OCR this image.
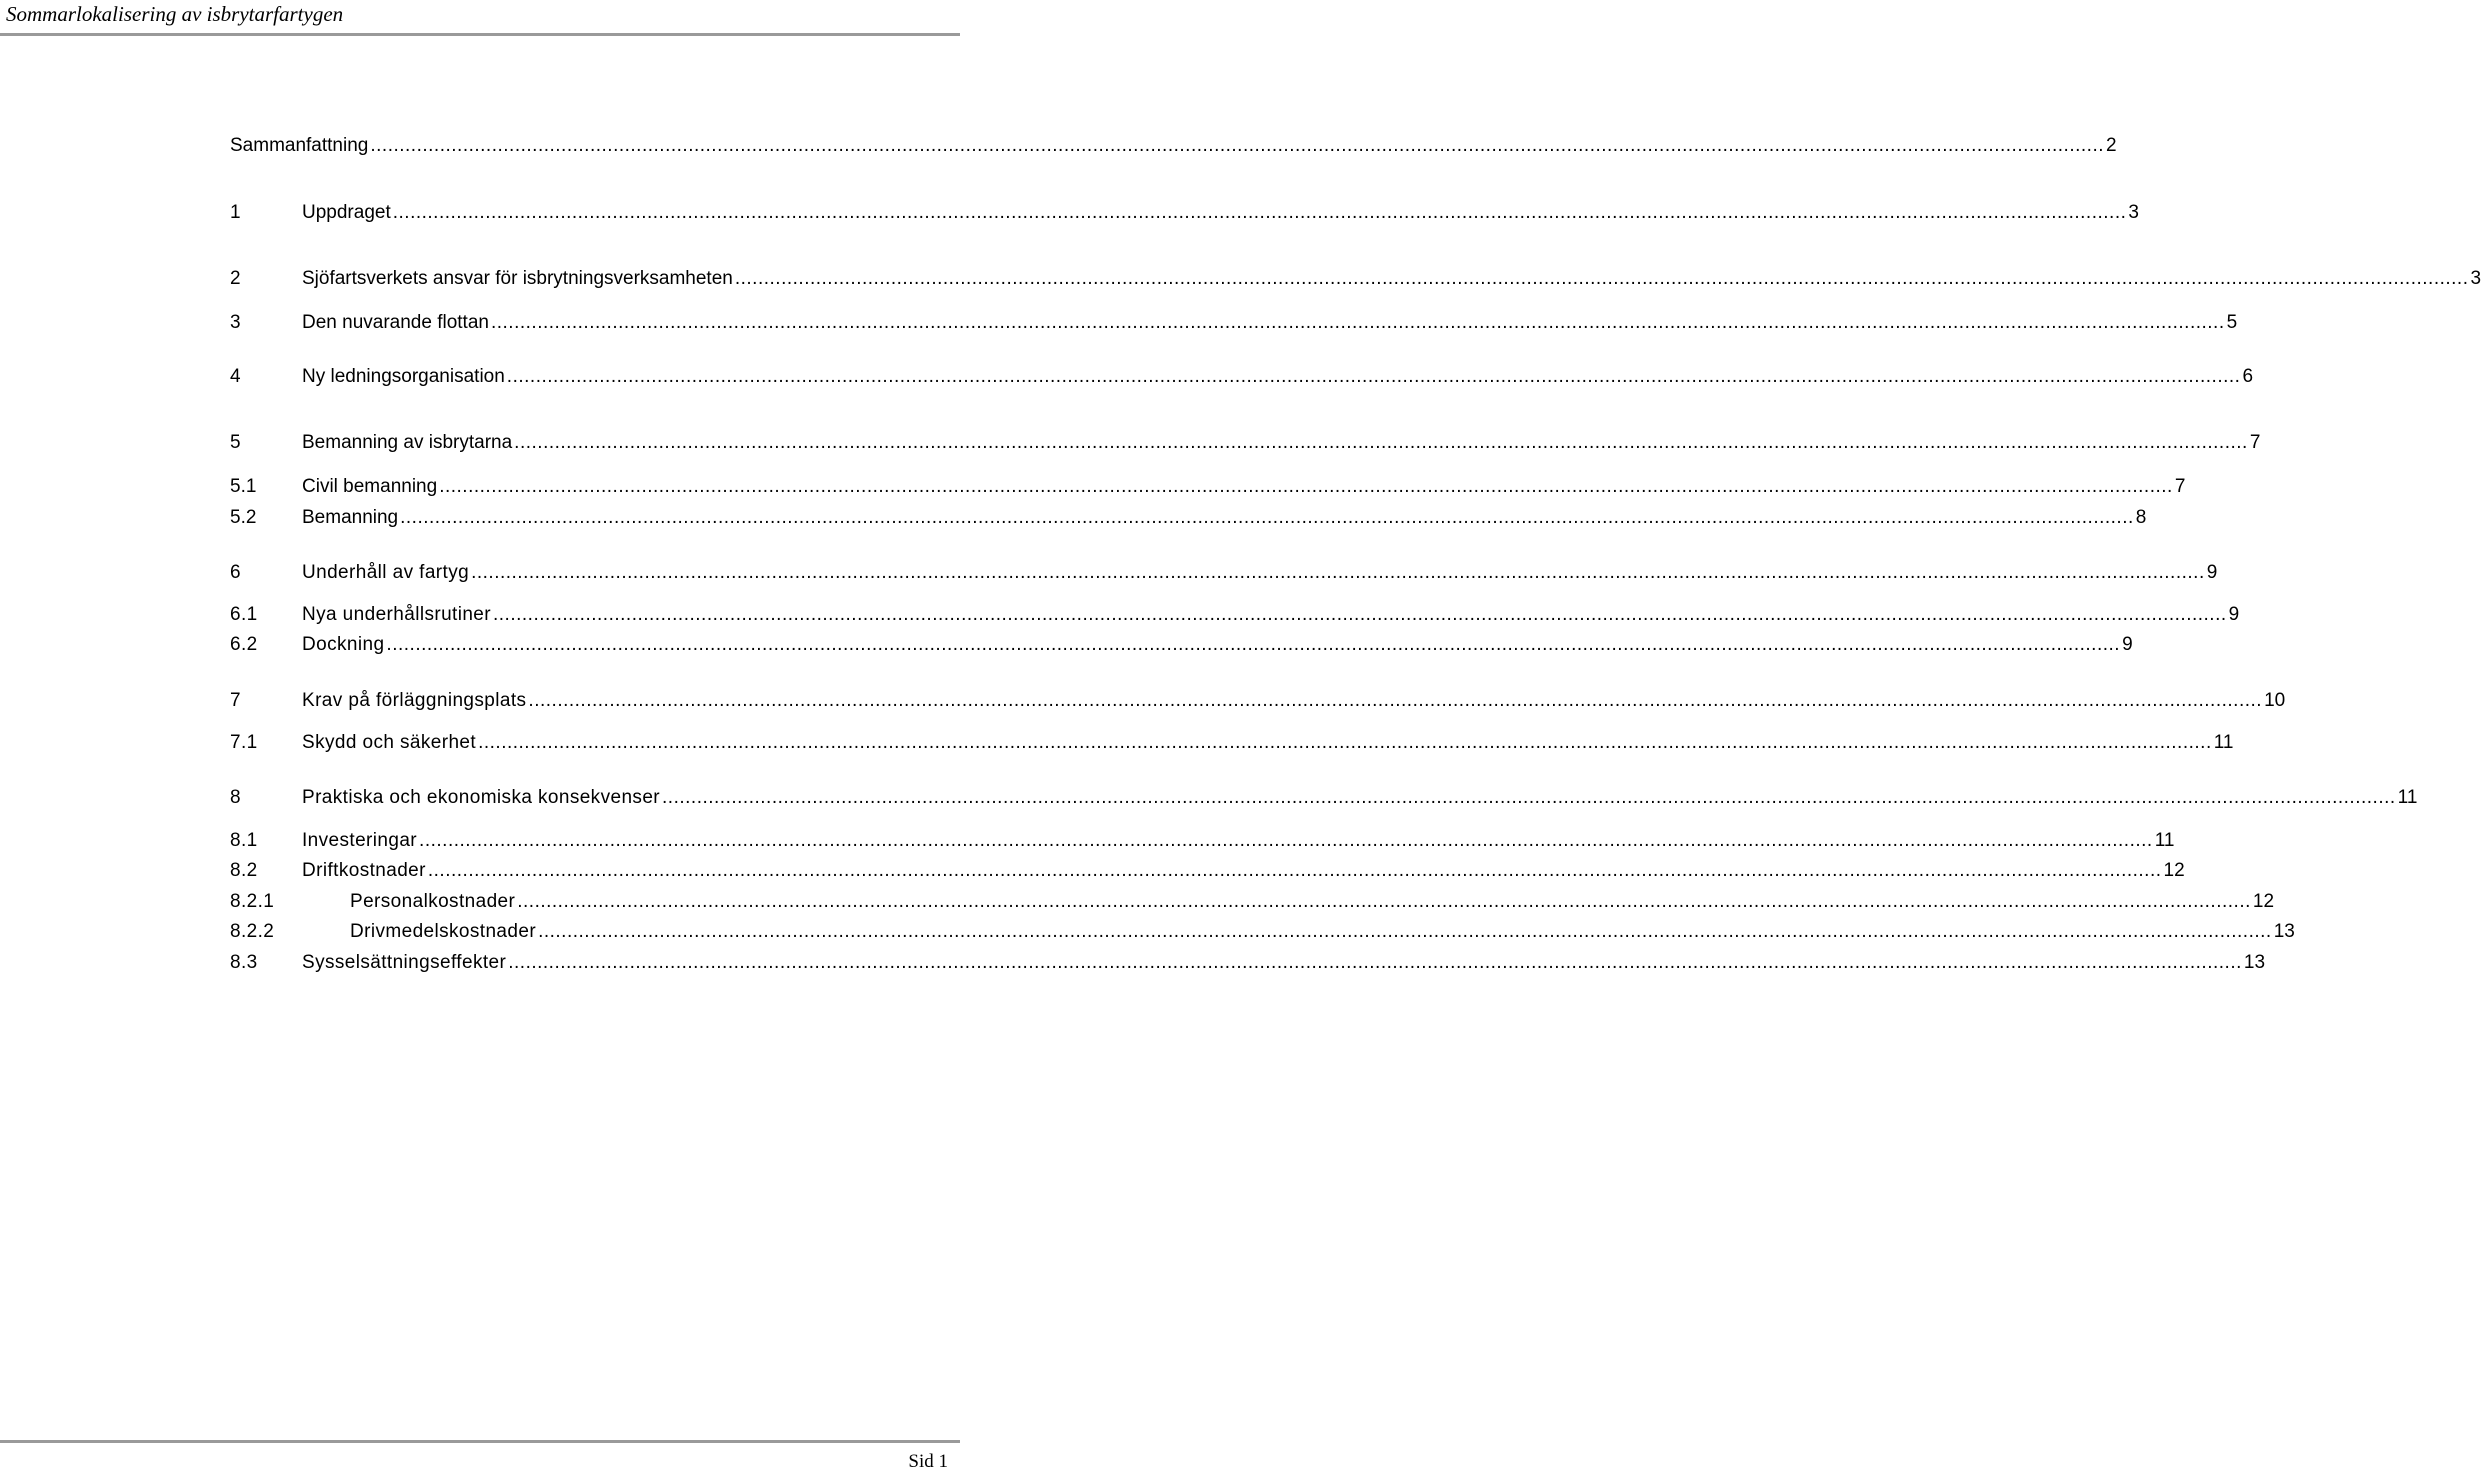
Sommarlokalisering av isbrytarfartygen
Sammanfattning ............................................................................................................................................................................................................................................................................................................ 2
1	Uppdraget ............................................................................................................................................................................................................................................................................................................ 3
2	Sjöfartsverkets ansvar för isbrytningsverksamheten ............................................................................................................................................................................................................................................................................................................ 3
3	Den nuvarande flottan ............................................................................................................................................................................................................................................................................................................ 5
4	Ny ledningsorganisation ............................................................................................................................................................................................................................................................................................................ 6
5	Bemanning av isbrytarna ............................................................................................................................................................................................................................................................................................................ 7
5.1 Civil bemanning ............................................................................................................................................................................................................................................................................................................ 7
5.2 Bemanning ............................................................................................................................................................................................................................................................................................................ 8
6	Underhåll av fartyg ............................................................................................................................................................................................................................................................................................................ 9
6.1 Nya underhållsrutiner ............................................................................................................................................................................................................................................................................................................ 9
6.2 Dockning ............................................................................................................................................................................................................................................................................................................ 9
7	Krav på förläggningsplats ............................................................................................................................................................................................................................................................................................................ 10
7.1 Skydd och säkerhet ............................................................................................................................................................................................................................................................................................................ 11
8	Praktiska och ekonomiska konsekvenser ............................................................................................................................................................................................................................................................................................................ 11
8.1 Investeringar ............................................................................................................................................................................................................................................................................................................ 11
8.2 Driftkostnader ............................................................................................................................................................................................................................................................................................................ 12
8.2.1	Personalkostnader ............................................................................................................................................................................................................................................................................................................ 12
8.2.2	Drivmedelskostnader ............................................................................................................................................................................................................................................................................................................ 13
8.3 Sysselsättningseffekter ............................................................................................................................................................................................................................................................................................................ 13
Sid 1
